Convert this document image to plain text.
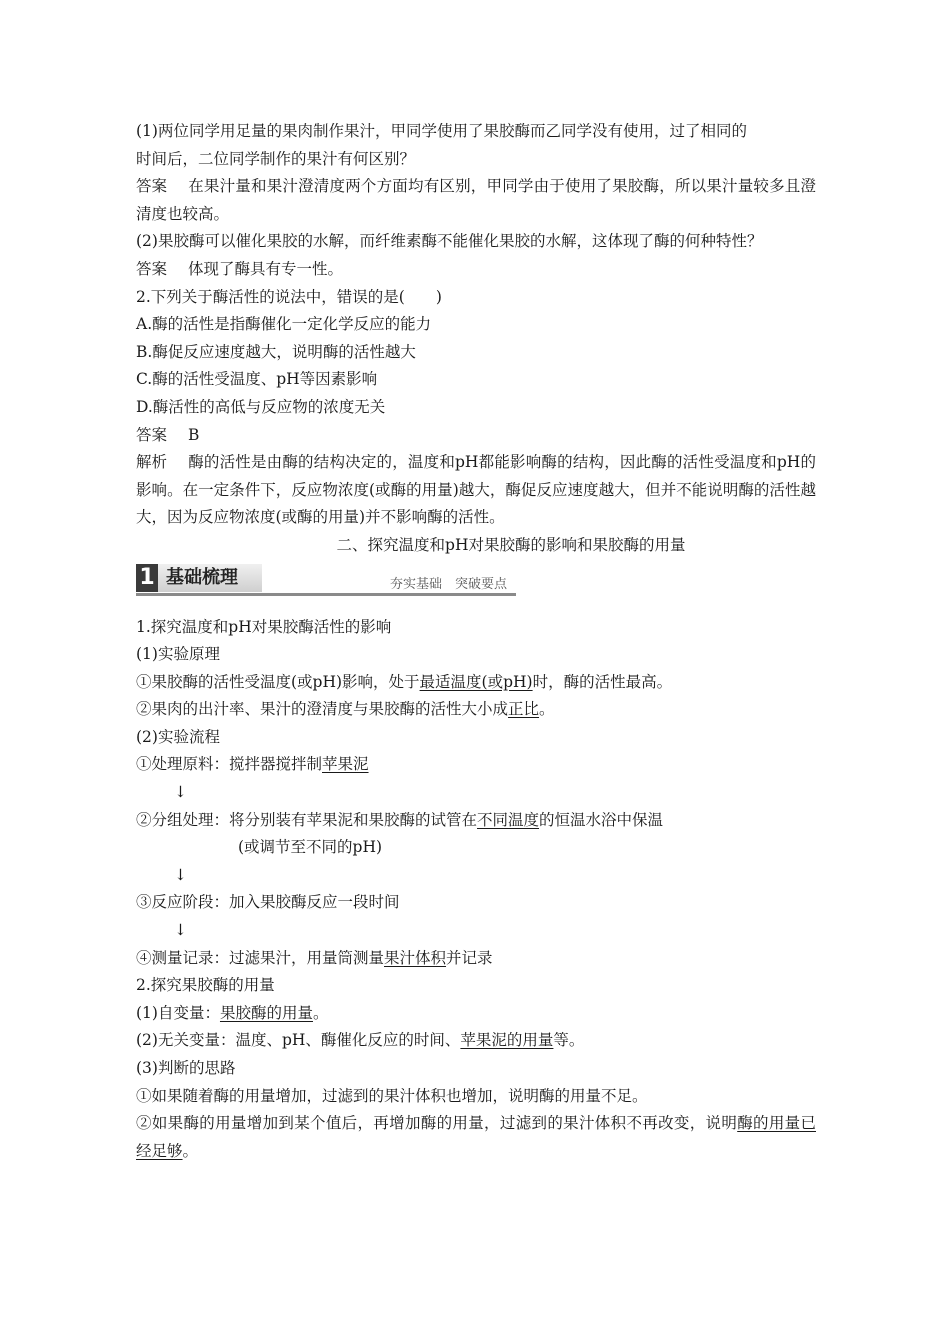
(1)两位同学用足量的果肉制作果汁，甲同学使用了果胶酶而乙同学没有使用，过了相同的

时间后，二位同学制作的果汁有何区别？

答案 在果汁量和果汁澄清度两个方面均有区别，甲同学由于使用了果胶酶，所以果汁量较多且澄清度也较高。

(2)果胶酶可以催化果胶的水解，而纤维素酶不能催化果胶的水解，这体现了酶的何种特性？

答案 体现了酶具有专一性。

2.下列关于酶活性的说法中，错误的是(　　)

A.酶的活性是指酶催化一定化学反应的能力

B.酶促反应速度越大，说明酶的活性越大

C.酶的活性受温度、pH等因素影响

D.酶活性的高低与反应物的浓度无关

答案 B

解析 酶的活性是由酶的结构决定的，温度和pH都能影响酶的结构，因此酶的活性受温度和pH的影响。在一定条件下，反应物浓度(或酶的用量)越大，酶促反应速度越大，但并不能说明酶的活性越大，因为反应物浓度(或酶的用量)并不影响酶的活性。

二、探究温度和pH对果胶酶的影响和果胶酶的用量

1 基础梳理	夯实基础　突破要点

1.探究温度和pH对果胶酶活性的影响

(1)实验原理

①果胶酶的活性受温度(或pH)影响，处于最适温度(或pH)时，酶的活性最高。

②果肉的出汁率、果汁的澄清度与果胶酶的活性大小成正比。

(2)实验流程

①处理原料：搅拌器搅拌制苹果泥

↓

②分组处理：将分别装有苹果泥和果胶酶的试管在不同温度的恒温水浴中保温

(或调节至不同的pH)

↓

③反应阶段：加入果胶酶反应一段时间

↓

④测量记录：过滤果汁，用量筒测量果汁体积并记录

2.探究果胶酶的用量

(1)自变量：果胶酶的用量。

(2)无关变量：温度、pH、酶催化反应的时间、苹果泥的用量等。

(3)判断的思路

①如果随着酶的用量增加，过滤到的果汁体积也增加，说明酶的用量不足。

②如果酶的用量增加到某个值后，再增加酶的用量，过滤到的果汁体积不再改变，说明酶的用量已经足够。
